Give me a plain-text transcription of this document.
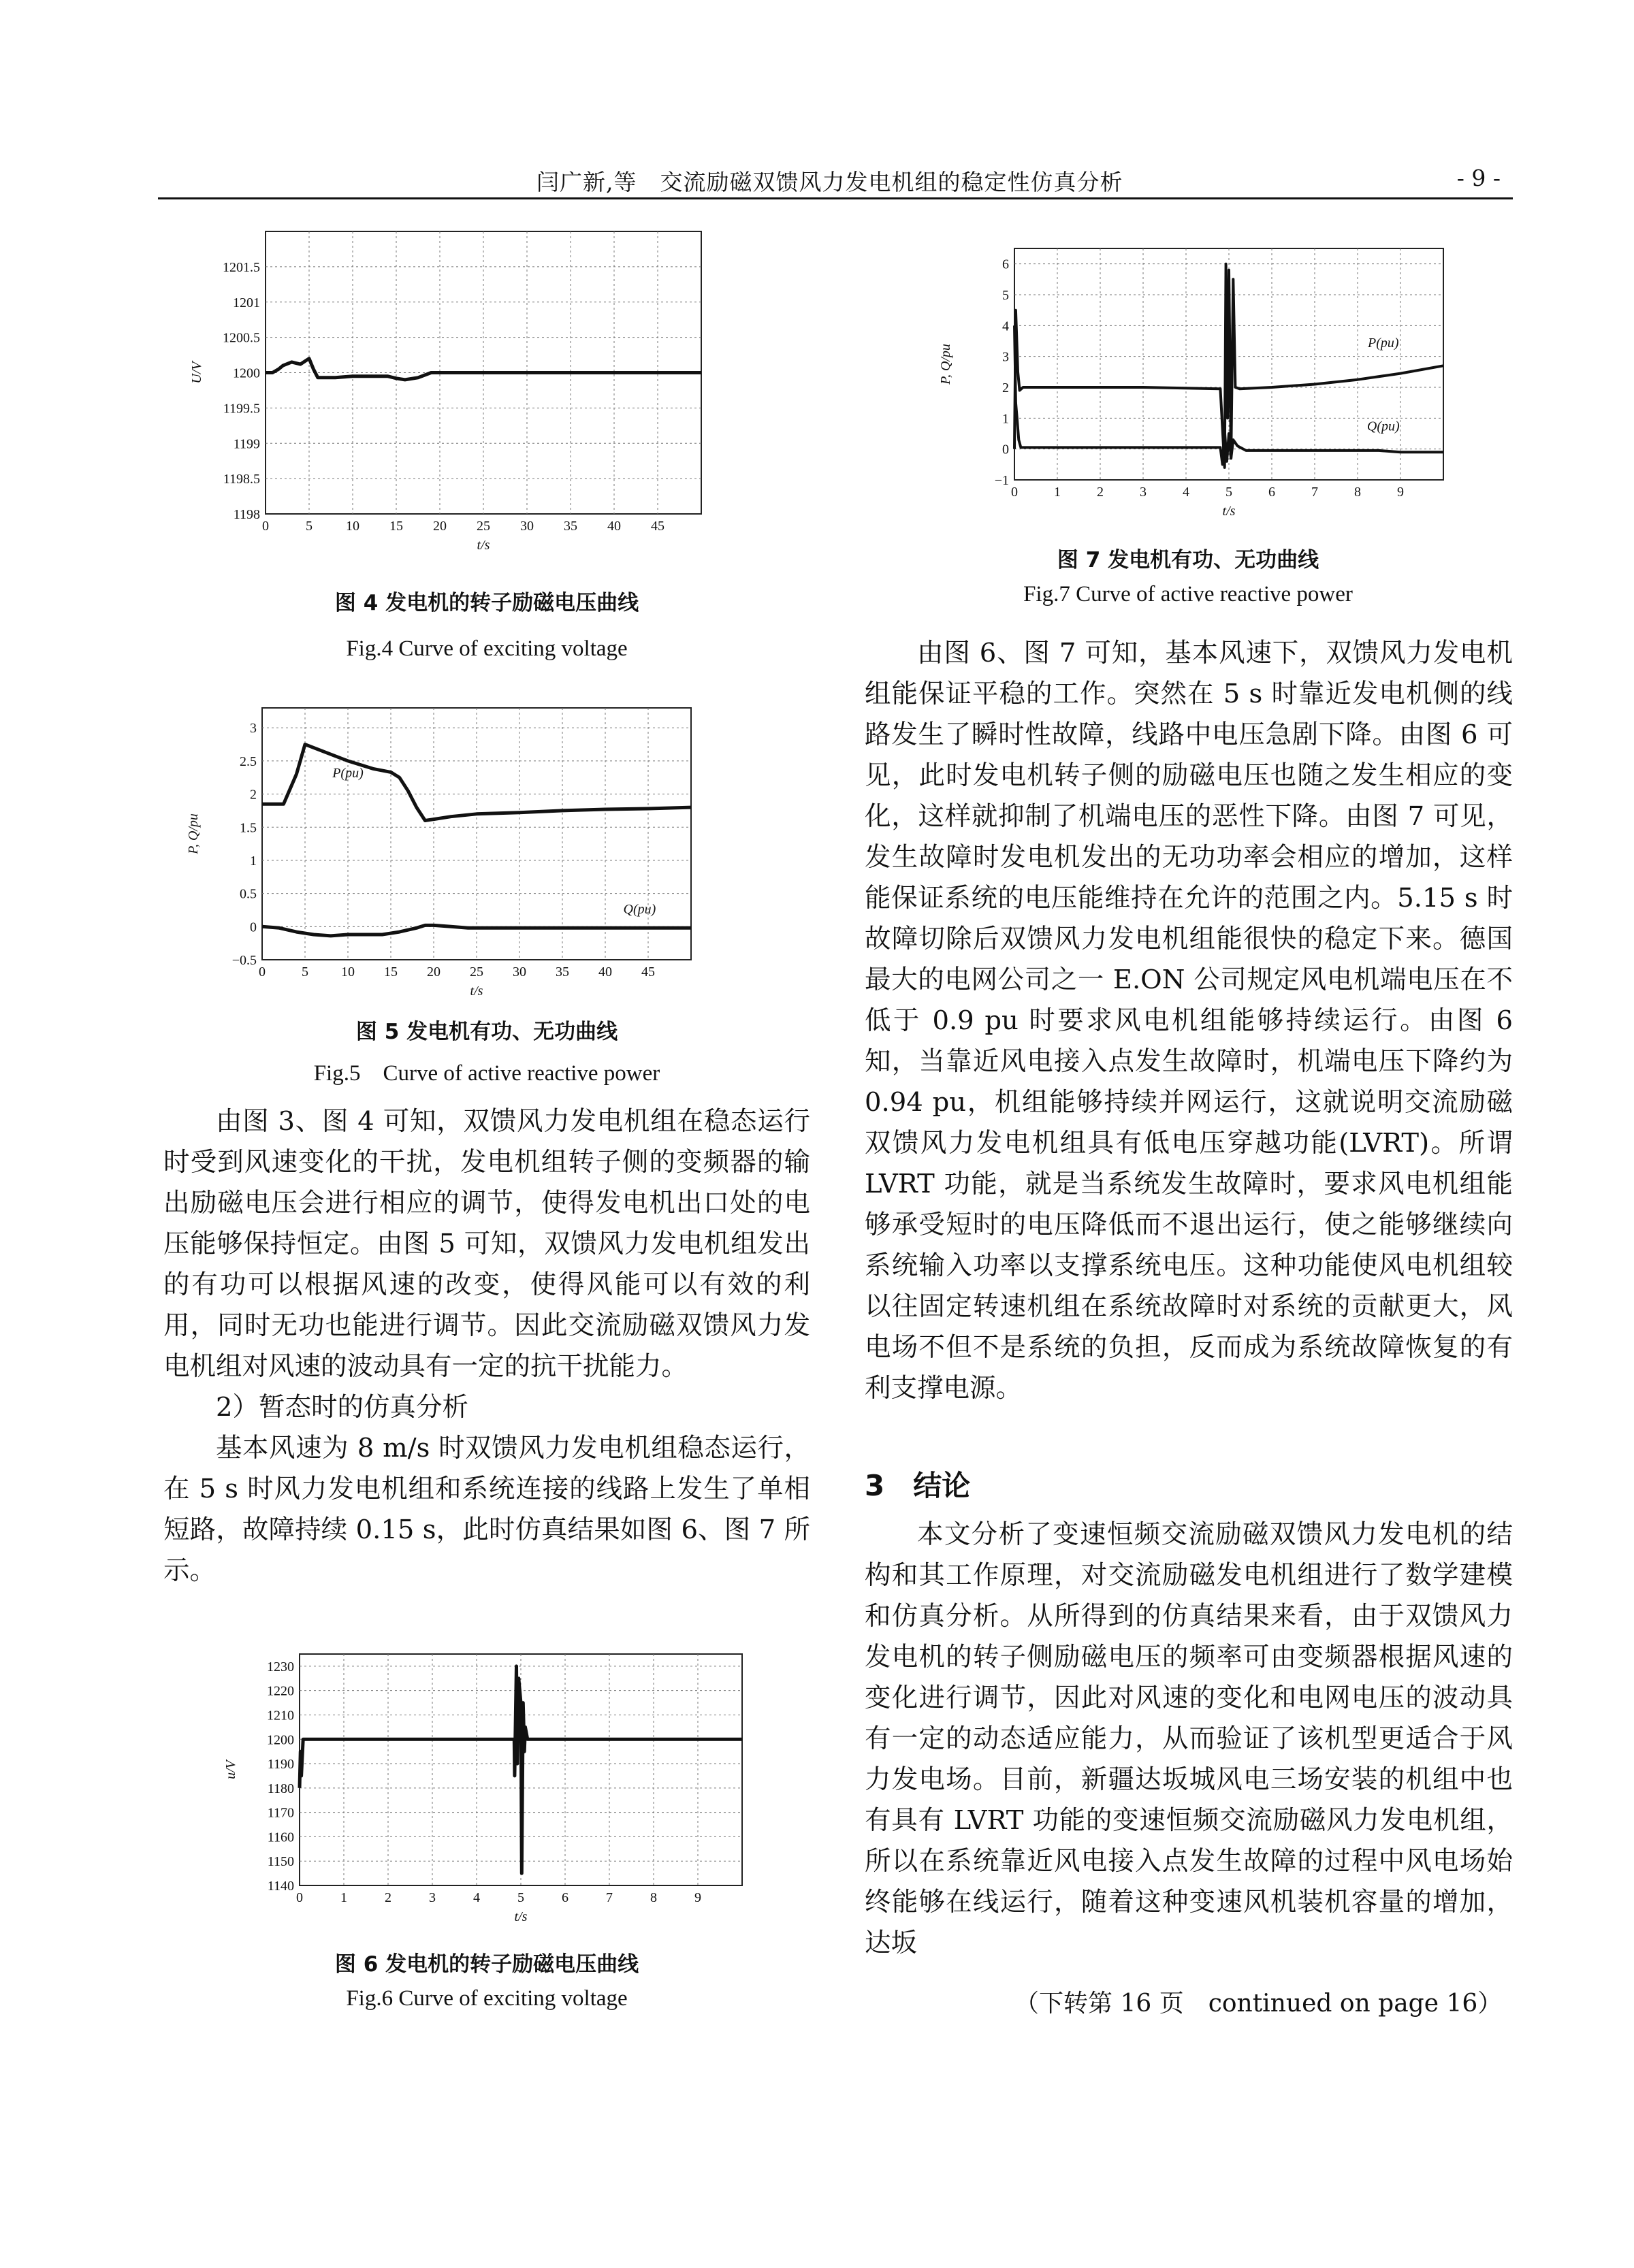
闫广新,等　交流励磁双馈风力发电机组的稳定性仿真分析	- 9 -
0	5 10 15 20 25 30 35 40 45
1198
1198.5
1199
1199.5
1200
1200.5
1201
1201.5
t/s
U/V
图 4 发电机的转子励磁电压曲线
Fig.4 Curve of exciting voltage
0	5 10 15 20 25 30 35 40 45
−0.5
0
0.5
1
1.5
2
2.5
3
t/s
P, Q/pu
P(pu)
Q(pu)
图 5 发电机有功、无功曲线
Fig.5　Curve of active reactive power

由图 3、图 4 可知，双馈风力发电机组在稳态运行时受到风速变化的干扰，发电机组转子侧的变频器的输出励磁电压会进行相应的调节，使得发电机出口处的电压能够保持恒定。由图 5 可知，双馈风力发电机组发出的有功可以根据风速的改变，使得风能可以有效的利用，同时无功也能进行调节。因此交流励磁双馈风力发电机组对风速的波动具有一定的抗干扰能力。

2）暂态时的仿真分析

基本风速为 8 m/s 时双馈风力发电机组稳态运行，在 5 s 时风力发电机组和系统连接的线路上发生了单相短路，故障持续 0.15 s，此时仿真结果如图 6、图 7 所示。

0	1	2	3	4	5	6	7	8	9
1140
1150
1160
1170
1180
1190
1200
1210
1220
1230
t/s
u/V
图 6 发电机的转子励磁电压曲线
Fig.6 Curve of exciting voltage
0	1	2	3	4	5	6	7	8	9
−1
0
1
2
3
4
5
6
t/s
P, Q/pu
P(pu)
Q(pu)
图 7 发电机有功、无功曲线
Fig.7 Curve of active reactive power

由图 6、图 7 可知，基本风速下，双馈风力发电机组能保证平稳的工作。突然在 5 s 时靠近发电机侧的线路发生了瞬时性故障，线路中电压急剧下降。由图 6 可见，此时发电机转子侧的励磁电压也随之发生相应的变化，这样就抑制了机端电压的恶性下降。由图 7 可见，发生故障时发电机发出的无功功率会相应的增加，这样能保证系统的电压能维持在允许的范围之内。5.15 s 时故障切除后双馈风力发电机组能很快的稳定下来。德国最大的电网公司之一 E.ON 公司规定风电机端电压在不低于 0.9 pu 时要求风电机组能够持续运行。由图 6 知，当靠近风电接入点发生故障时，机端电压下降约为 0.94 pu，机组能够持续并网运行，这就说明交流励磁双馈风力发电机组具有低电压穿越功能(LVRT)。所谓 LVRT 功能，就是当系统发生故障时，要求风电机组能够承受短时的电压降低而不退出运行，使之能够继续向系统输入功率以支撑系统电压。这种功能使风电机组较以往固定转速机组在系统故障时对系统的贡献更大，风电场不但不是系统的负担，反而成为系统故障恢复的有利支撑电源。

3　结论

本文分析了变速恒频交流励磁双馈风力发电机的结构和其工作原理，对交流励磁发电机组进行了数学建模和仿真分析。从所得到的仿真结果来看，由于双馈风力发电机的转子侧励磁电压的频率可由变频器根据风速的变化进行调节，因此对风速的变化和电网电压的波动具有一定的动态适应能力，从而验证了该机型更适合于风力发电场。目前，新疆达坂城风电三场安装的机组中也有具有 LVRT 功能的变速恒频交流励磁风力发电机组，所以在系统靠近风电接入点发生故障的过程中风电场始终能够在线运行，随着这种变速风机装机容量的增加，达坂

（下转第 16 页　continued on page 16）
